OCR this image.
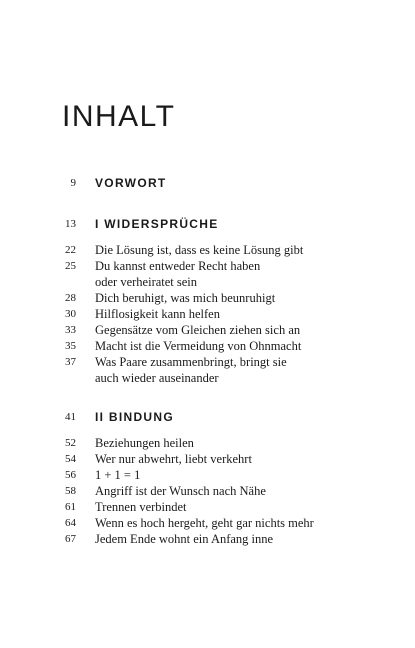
INHALT
9 VORWORT
13 I WIDERSPRÜCHE
22 Die Lösung ist, dass es keine Lösung gibt
25 Du kannst entweder Recht haben
oder verheiratet sein
28 Dich beruhigt, was mich beunruhigt
30 Hilflosigkeit kann helfen
33 Gegensätze vom Gleichen ziehen sich an
35 Macht ist die Vermeidung von Ohnmacht
37 Was Paare zusammenbringt, bringt sie
auch wieder auseinander
41 II BINDUNG
52 Beziehungen heilen
54 Wer nur abwehrt, liebt verkehrt
56 1 + 1 = 1
58 Angriff ist der Wunsch nach Nähe
61 Trennen verbindet
64 Wenn es hoch hergeht, geht gar nichts mehr
67 Jedem Ende wohnt ein Anfang inne
